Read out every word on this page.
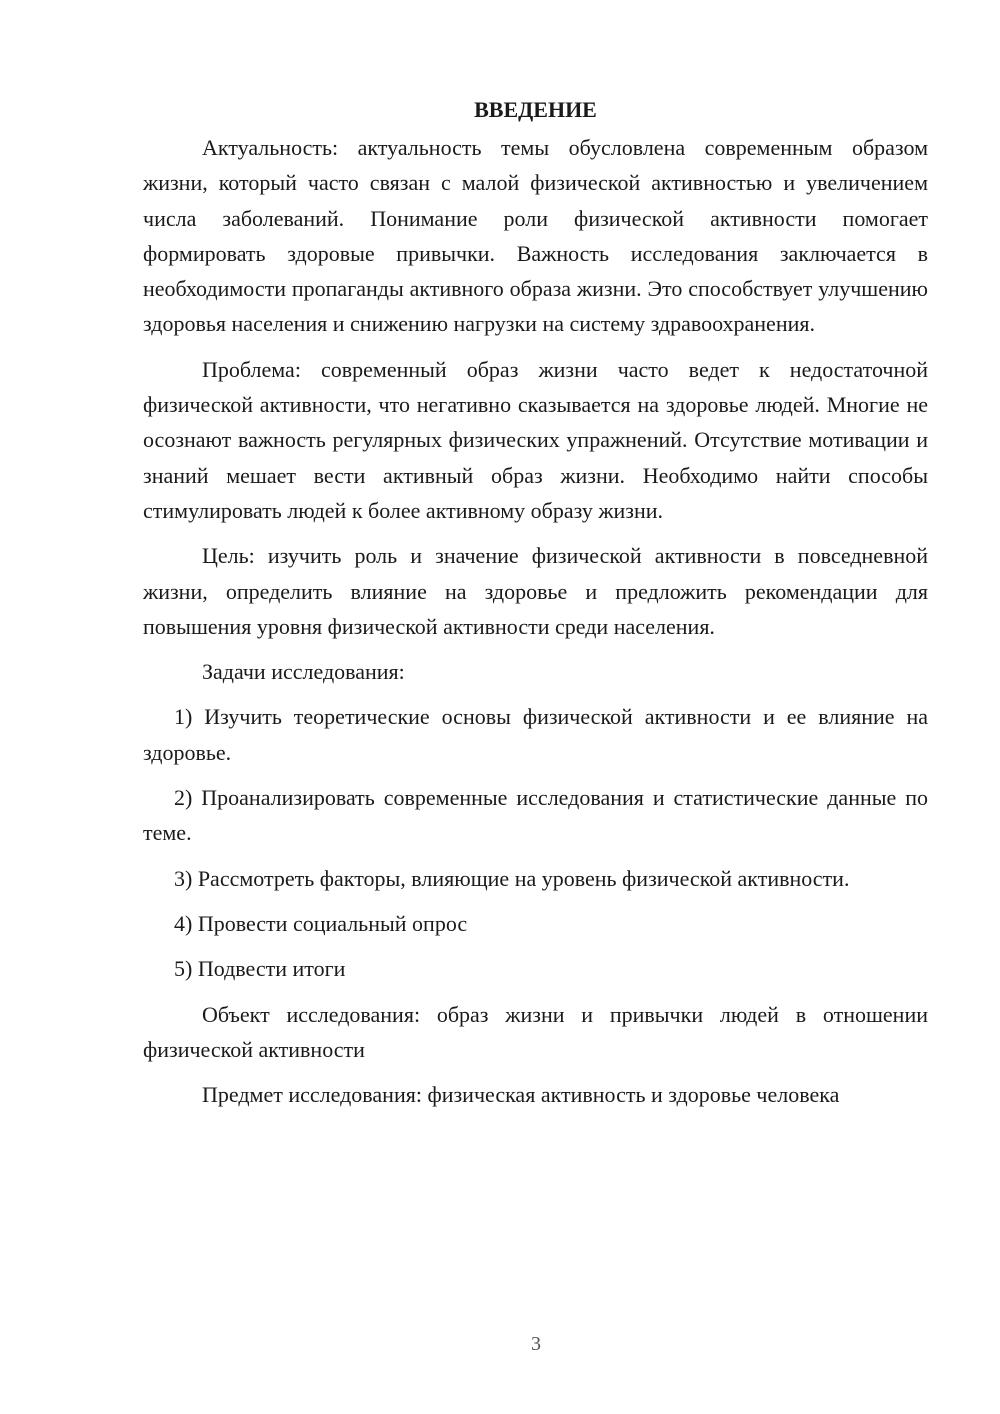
ВВЕДЕНИЕ

Актуальность: актуальность темы обусловлена современным образом жизни, который часто связан с малой физической активностью и увеличением числа заболеваний. Понимание роли физической активности помогает формировать здоровые привычки. Важность исследования заключается в необходимости пропаганды активного образа жизни. Это способствует улучшению здоровья населения и снижению нагрузки на систему здравоохранения.

Проблема: современный образ жизни часто ведет к недостаточной физической активности, что негативно сказывается на здоровье людей. Многие не осознают важность регулярных физических упражнений. Отсутствие мотивации и знаний мешает вести активный образ жизни. Необходимо найти способы стимулировать людей к более активному образу жизни.

Цель: изучить роль и значение физической активности в повседневной жизни, определить влияние на здоровье и предложить рекомендации для повышения уровня физической активности среди населения.

Задачи исследования:

1) Изучить теоретические основы физической активности и ее влияние на здоровье.

2) Проанализировать современные исследования и статистические данные по теме.

3) Рассмотреть факторы, влияющие на уровень физической активности.

4) Провести социальный опрос

5) Подвести итоги

Объект исследования: образ жизни и привычки людей в отношении физической активности

Предмет исследования: физическая активность и здоровье человека

3
